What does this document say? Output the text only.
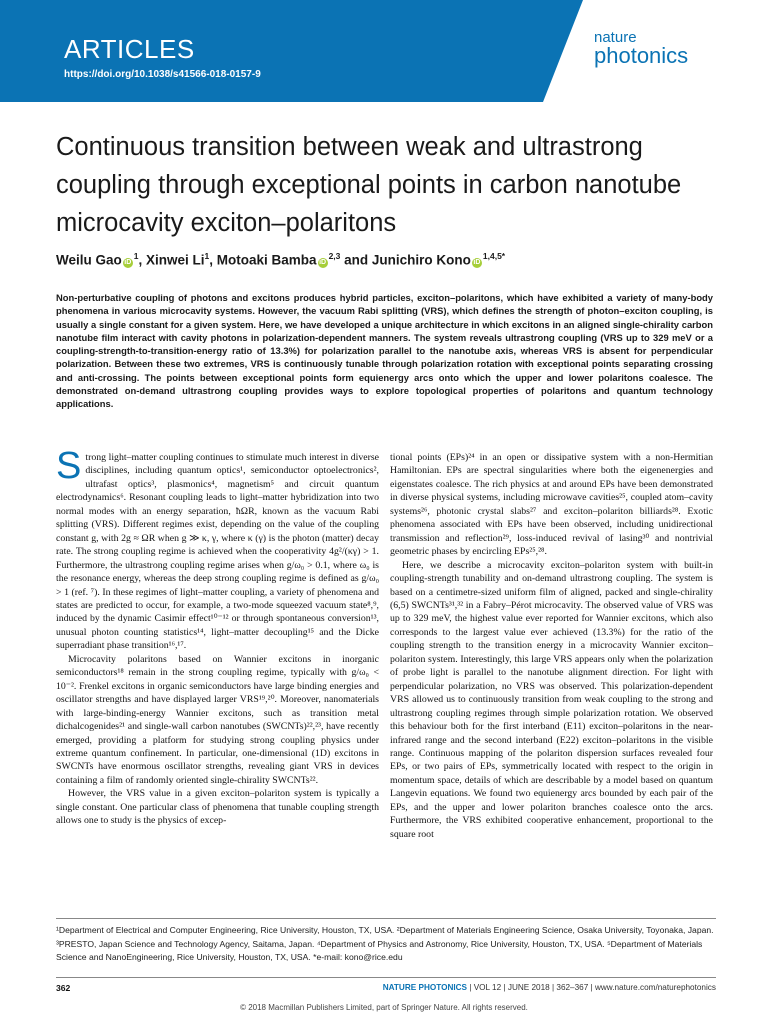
ARTICLES
https://doi.org/10.1038/s41566-018-0157-9
nature
photonics
Continuous transition between weak and ultrastrong coupling through exceptional points in carbon nanotube microcavity exciton–polaritons
Weilu Gao $iD^1$, Xinwei Li$^1$, Motoaki Bamba iD$^{2,3}$ and Junichiro Kono $iD^{1,4,5*}$

Non-perturbative coupling of photons and excitons produces hybrid particles, exciton–polaritons, which have exhibited a variety of many-body phenomena in various microcavity systems. However, the vacuum Rabi splitting (VRS), which defines the strength of photon–exciton coupling, is usually a single constant for a given system. Here, we have developed a unique architecture in which excitons in an aligned single-chirality carbon nanotube film interact with cavity photons in polarization-dependent manners. The system reveals ultrastrong coupling (VRS up to 329 meV or a coupling-strength-to-transition-energy ratio of 13.3%) for polarization parallel to the nanotube axis, whereas VRS is absent for perpendicular polarization. Between these two extremes, VRS is continuously tunable through polarization rotation with exceptional points separating crossing and anti-crossing. The points between exceptional points form equienergy arcs onto which the upper and lower polaritons coalesce. The demonstrated on-demand ultrastrong coupling provides ways to explore topological properties of polaritons and quantum technology applications.

Strong light–matter coupling continues to stimulate much interest in diverse disciplines, including quantum optics¹, semiconductor optoelectronics², ultrafast optics³, plasmonics⁴, magnetism⁵ and circuit quantum electrodynamics⁶. Resonant coupling leads to light–matter hybridization into two normal modes with an energy separation, ħΩR, known as the vacuum Rabi splitting (VRS). Different regimes exist, depending on the value of the coupling constant g, with 2g ≈ ΩR when g ≫ κ, γ, where κ (γ) is the photon (matter) decay rate. The strong coupling regime is achieved when the cooperativity 4g²/(κγ) > 1. Furthermore, the ultrastrong coupling regime arises when g/ω₀ > 0.1, where ω₀ is the resonance energy, whereas the deep strong coupling regime is defined as g/ω₀ > 1 (ref. ⁷). In these regimes of light–matter coupling, a variety of phenomena and states are predicted to occur, for example, a two-mode squeezed vacuum state⁸,⁹, induced by the dynamic Casimir effect¹⁰⁻¹² or through spontaneous conversion¹³, unusual photon counting statistics¹⁴, light–matter decoupling¹⁵ and the Dicke superradiant phase transition¹⁶,¹⁷.

Microcavity polaritons based on Wannier excitons in inorganic semiconductors¹⁸ remain in the strong coupling regime, typically with g/ω₀ < 10⁻². Frenkel excitons in organic semiconductors have large binding energies and oscillator strengths and have displayed larger VRS¹⁹,²⁰. Moreover, nanomaterials with large-binding-energy Wannier excitons, such as transition metal dichalcogenides²¹ and single-wall carbon nanotubes (SWCNTs)²²,²³, have recently emerged, providing a platform for studying strong coupling physics under extreme quantum confinement. In particular, one-dimensional (1D) excitons in SWCNTs have enormous oscillator strengths, revealing giant VRS in devices containing a film of randomly oriented single-chirality SWCNTs²².

However, the VRS value in a given exciton–polariton system is typically a single constant. One particular class of phenomena that tunable coupling strength allows one to study is the physics of excep-

tional points (EPs)²⁴ in an open or dissipative system with a non-Hermitian Hamiltonian. EPs are spectral singularities where both the eigenenergies and eigenstates coalesce. The rich physics at and around EPs have been demonstrated in diverse physical systems, including microwave cavities²⁵, coupled atom–cavity systems²⁶, photonic crystal slabs²⁷ and exciton–polariton billiards²⁸. Exotic phenomena associated with EPs have been observed, including unidirectional transmission and reflection²⁹, loss-induced revival of lasing³⁰ and nontrivial geometric phases by encircling EPs²⁵,²⁸.

Here, we describe a microcavity exciton–polariton system with built-in coupling-strength tunability and on-demand ultrastrong coupling. The system is based on a centimetre-sized uniform film of aligned, packed and single-chirality (6,5) SWCNTs³¹,³² in a Fabry–Pérot microcavity. The observed value of VRS was up to 329 meV, the highest value ever reported for Wannier excitons, which also corresponds to the largest value ever achieved (13.3%) for the ratio of the coupling strength to the transition energy in a microcavity Wannier exciton–polariton system. Interestingly, this large VRS appears only when the polarization of probe light is parallel to the nanotube alignment direction. For light with perpendicular polarization, no VRS was observed. This polarization-dependent VRS allowed us to continuously transition from weak coupling to the strong and ultrastrong coupling regimes through simple polarization rotation. We observed this behaviour both for the first interband (E11) exciton–polaritons in the near-infrared range and the second interband (E22) exciton–polaritons in the visible range. Continuous mapping of the polariton dispersion surfaces revealed four EPs, or two pairs of EPs, symmetrically located with respect to the origin in momentum space, details of which are describable by a model based on quantum Langevin equations. We found two equienergy arcs bounded by each pair of the EPs, and the upper and lower polariton branches coalesce onto the arcs. Furthermore, the VRS exhibited cooperative enhancement, proportional to the square root

¹Department of Electrical and Computer Engineering, Rice University, Houston, TX, USA. ²Department of Materials Engineering Science, Osaka University, Toyonaka, Japan. ³PRESTO, Japan Science and Technology Agency, Saitama, Japan. ⁴Department of Physics and Astronomy, Rice University, Houston, TX, USA. ⁵Department of Materials Science and NanoEngineering, Rice University, Houston, TX, USA. *e-mail: kono@rice.edu

362	NATURE PHOTONICS | VOL 12 | JUNE 2018 | 362–367 | www.nature.com/naturephotonics
© 2018 Macmillan Publishers Limited, part of Springer Nature. All rights reserved.
